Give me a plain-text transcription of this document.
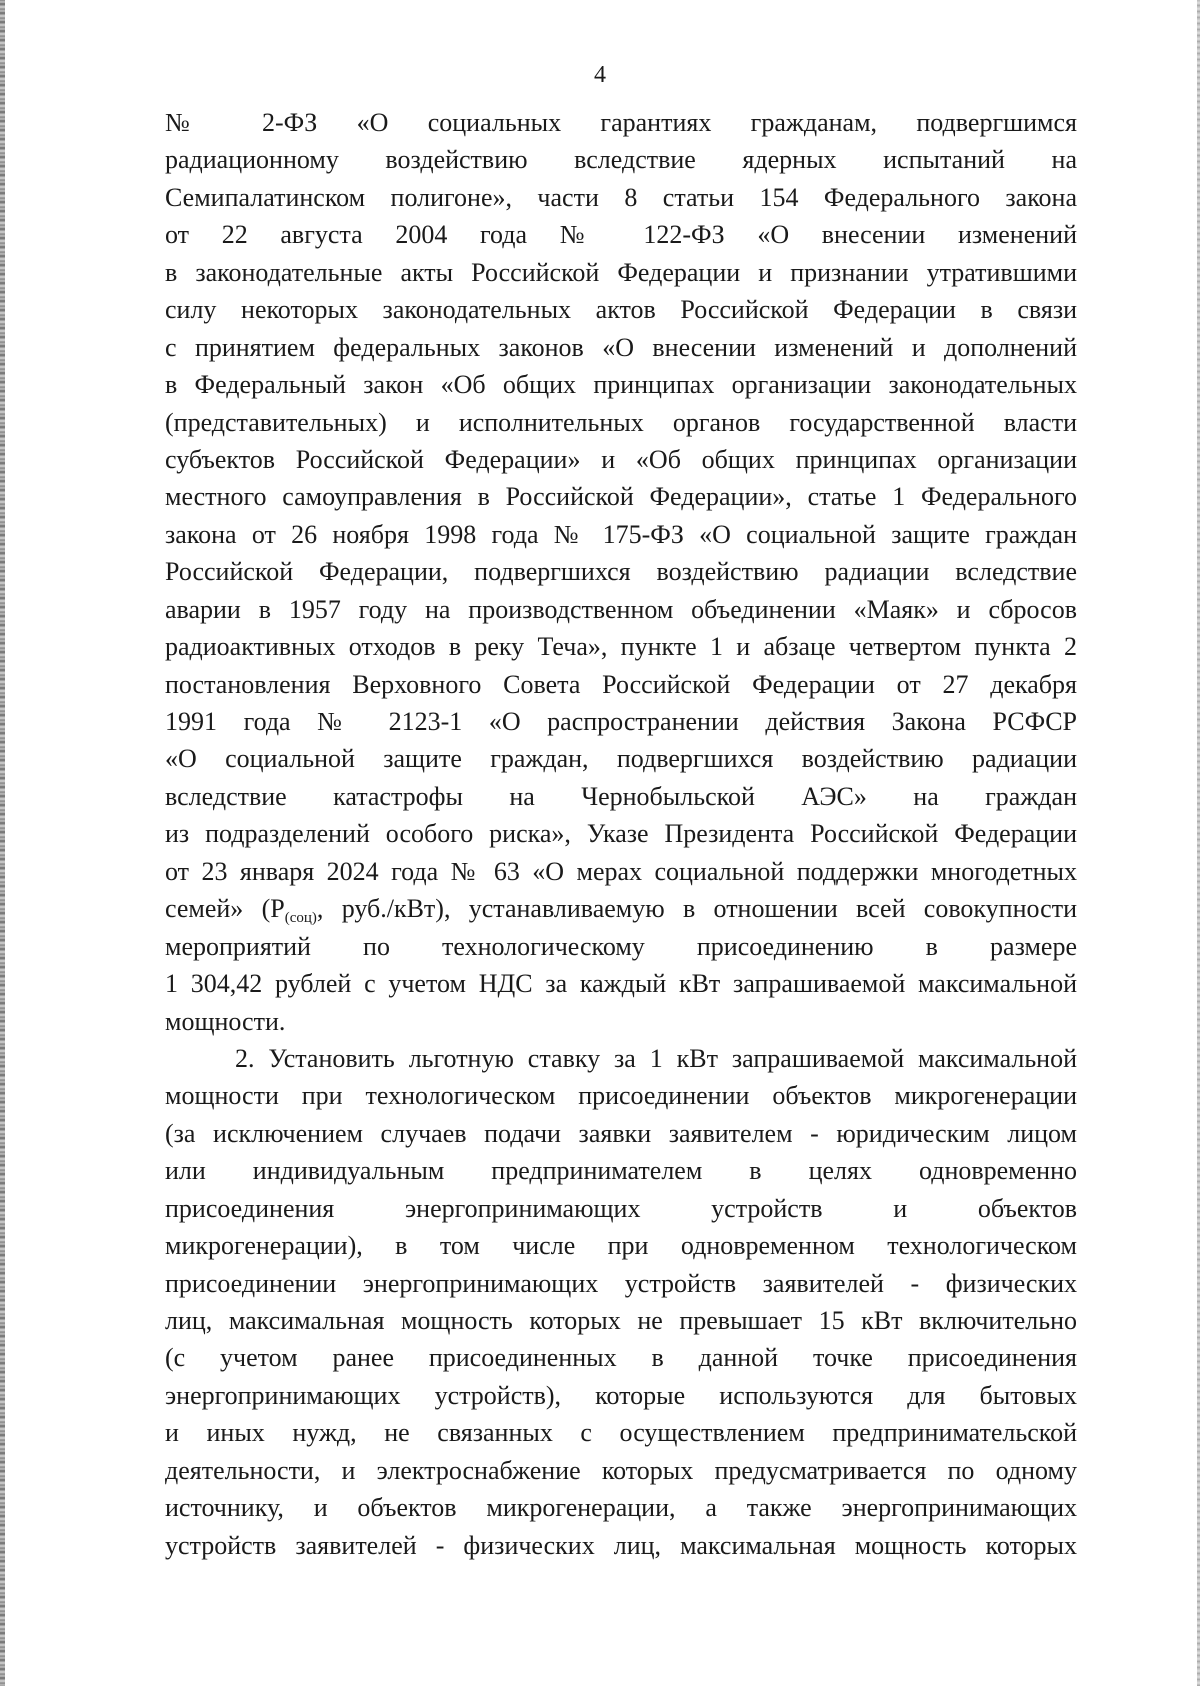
4
№ 2-ФЗ «О социальных гарантиях гражданам, подвергшимся
радиационному воздействию вследствие ядерных испытаний на
Семипалатинском полигоне», части 8 статьи 154 Федерального закона
от 22 августа 2004 года № 122-ФЗ «О внесении изменений
в законодательные акты Российской Федерации и признании утратившими
силу некоторых законодательных актов Российской Федерации в связи
с принятием федеральных законов «О внесении изменений и дополнений
в Федеральный закон «Об общих принципах организации законодательных
(представительных) и исполнительных органов государственной власти
субъектов Российской Федерации» и «Об общих принципах организации
местного самоуправления в Российской Федерации», статье 1 Федерального
закона от 26 ноября 1998 года № 175-ФЗ «О социальной защите граждан
Российской Федерации, подвергшихся воздействию радиации вследствие
аварии в 1957 году на производственном объединении «Маяк» и сбросов
радиоактивных отходов в реку Теча», пункте 1 и абзаце четвертом пункта 2
постановления Верховного Совета Российской Федерации от 27 декабря
1991 года № 2123-1 «О распространении действия Закона РСФСР
«О социальной защите граждан, подвергшихся воздействию радиации
вследствие катастрофы на Чернобыльской АЭС» на граждан
из подразделений особого риска», Указе Президента Российской Федерации
от 23 января 2024 года № 63 «О мерах социальной поддержки многодетных
семей» ($Р_{(соц)}$, руб./кВт), устанавливаемую в отношении всей совокупности
мероприятий по технологическому присоединению в размере
1 304,42 рублей с учетом НДС за каждый кВт запрашиваемой максимальной
мощности.
2. Установить льготную ставку за 1 кВт запрашиваемой максимальной
мощности при технологическом присоединении объектов микрогенерации
(за исключением случаев подачи заявки заявителем - юридическим лицом
или индивидуальным предпринимателем в целях одновременно
присоединения энергопринимающих устройств и объектов
микрогенерации), в том числе при одновременном технологическом
присоединении энергопринимающих устройств заявителей - физических
лиц, максимальная мощность которых не превышает 15 кВт включительно
(с учетом ранее присоединенных в данной точке присоединения
энергопринимающих устройств), которые используются для бытовых
и иных нужд, не связанных с осуществлением предпринимательской
деятельности, и электроснабжение которых предусматривается по одному
источнику, и объектов микрогенерации, а также энергопринимающих
устройств заявителей - физических лиц, максимальная мощность которых
